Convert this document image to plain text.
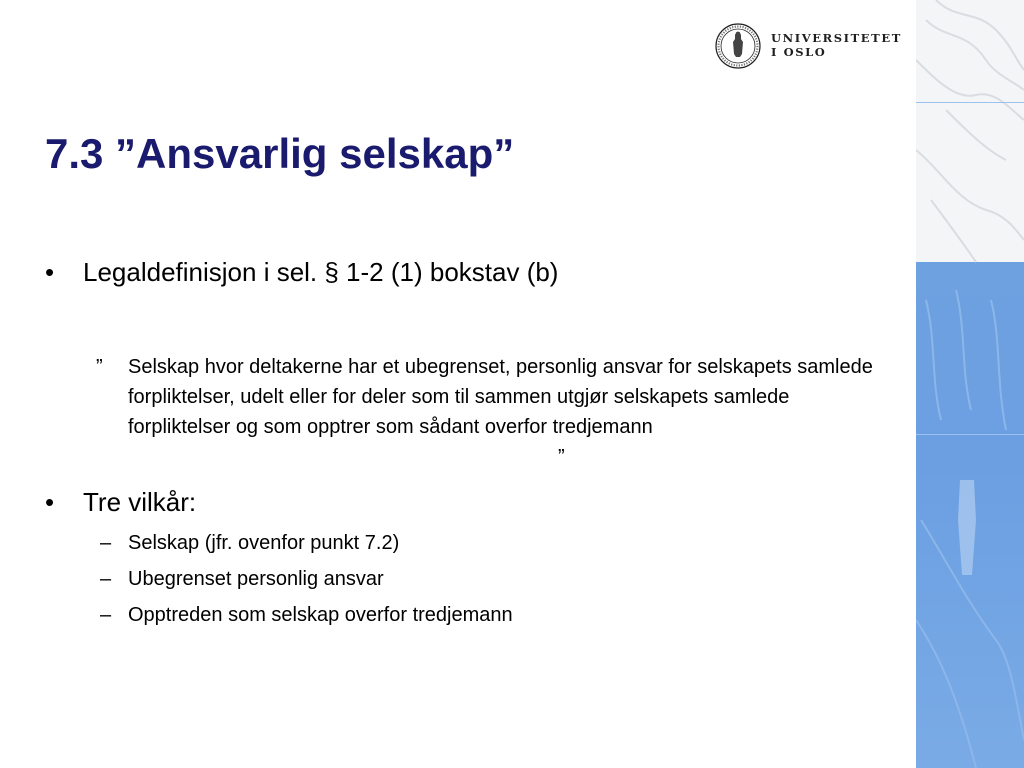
UNIVERSITETET
I OSLO
7.3 ”Ansvarlig selskap”
• Legaldefinisjon i sel. § 1-2 (1) bokstav (b)
” Selskap hvor deltakerne har et ubegrenset, personlig ansvar for selskapets samlede forpliktelser, udelt eller for deler som til sammen utgjør selskapets samlede forpliktelser og som opptrer som sådant overfor tredjemann
”
• Tre vilkår:
– Selskap (jfr. ovenfor punkt 7.2)
– Ubegrenset personlig ansvar
– Opptreden som selskap overfor tredjemann
